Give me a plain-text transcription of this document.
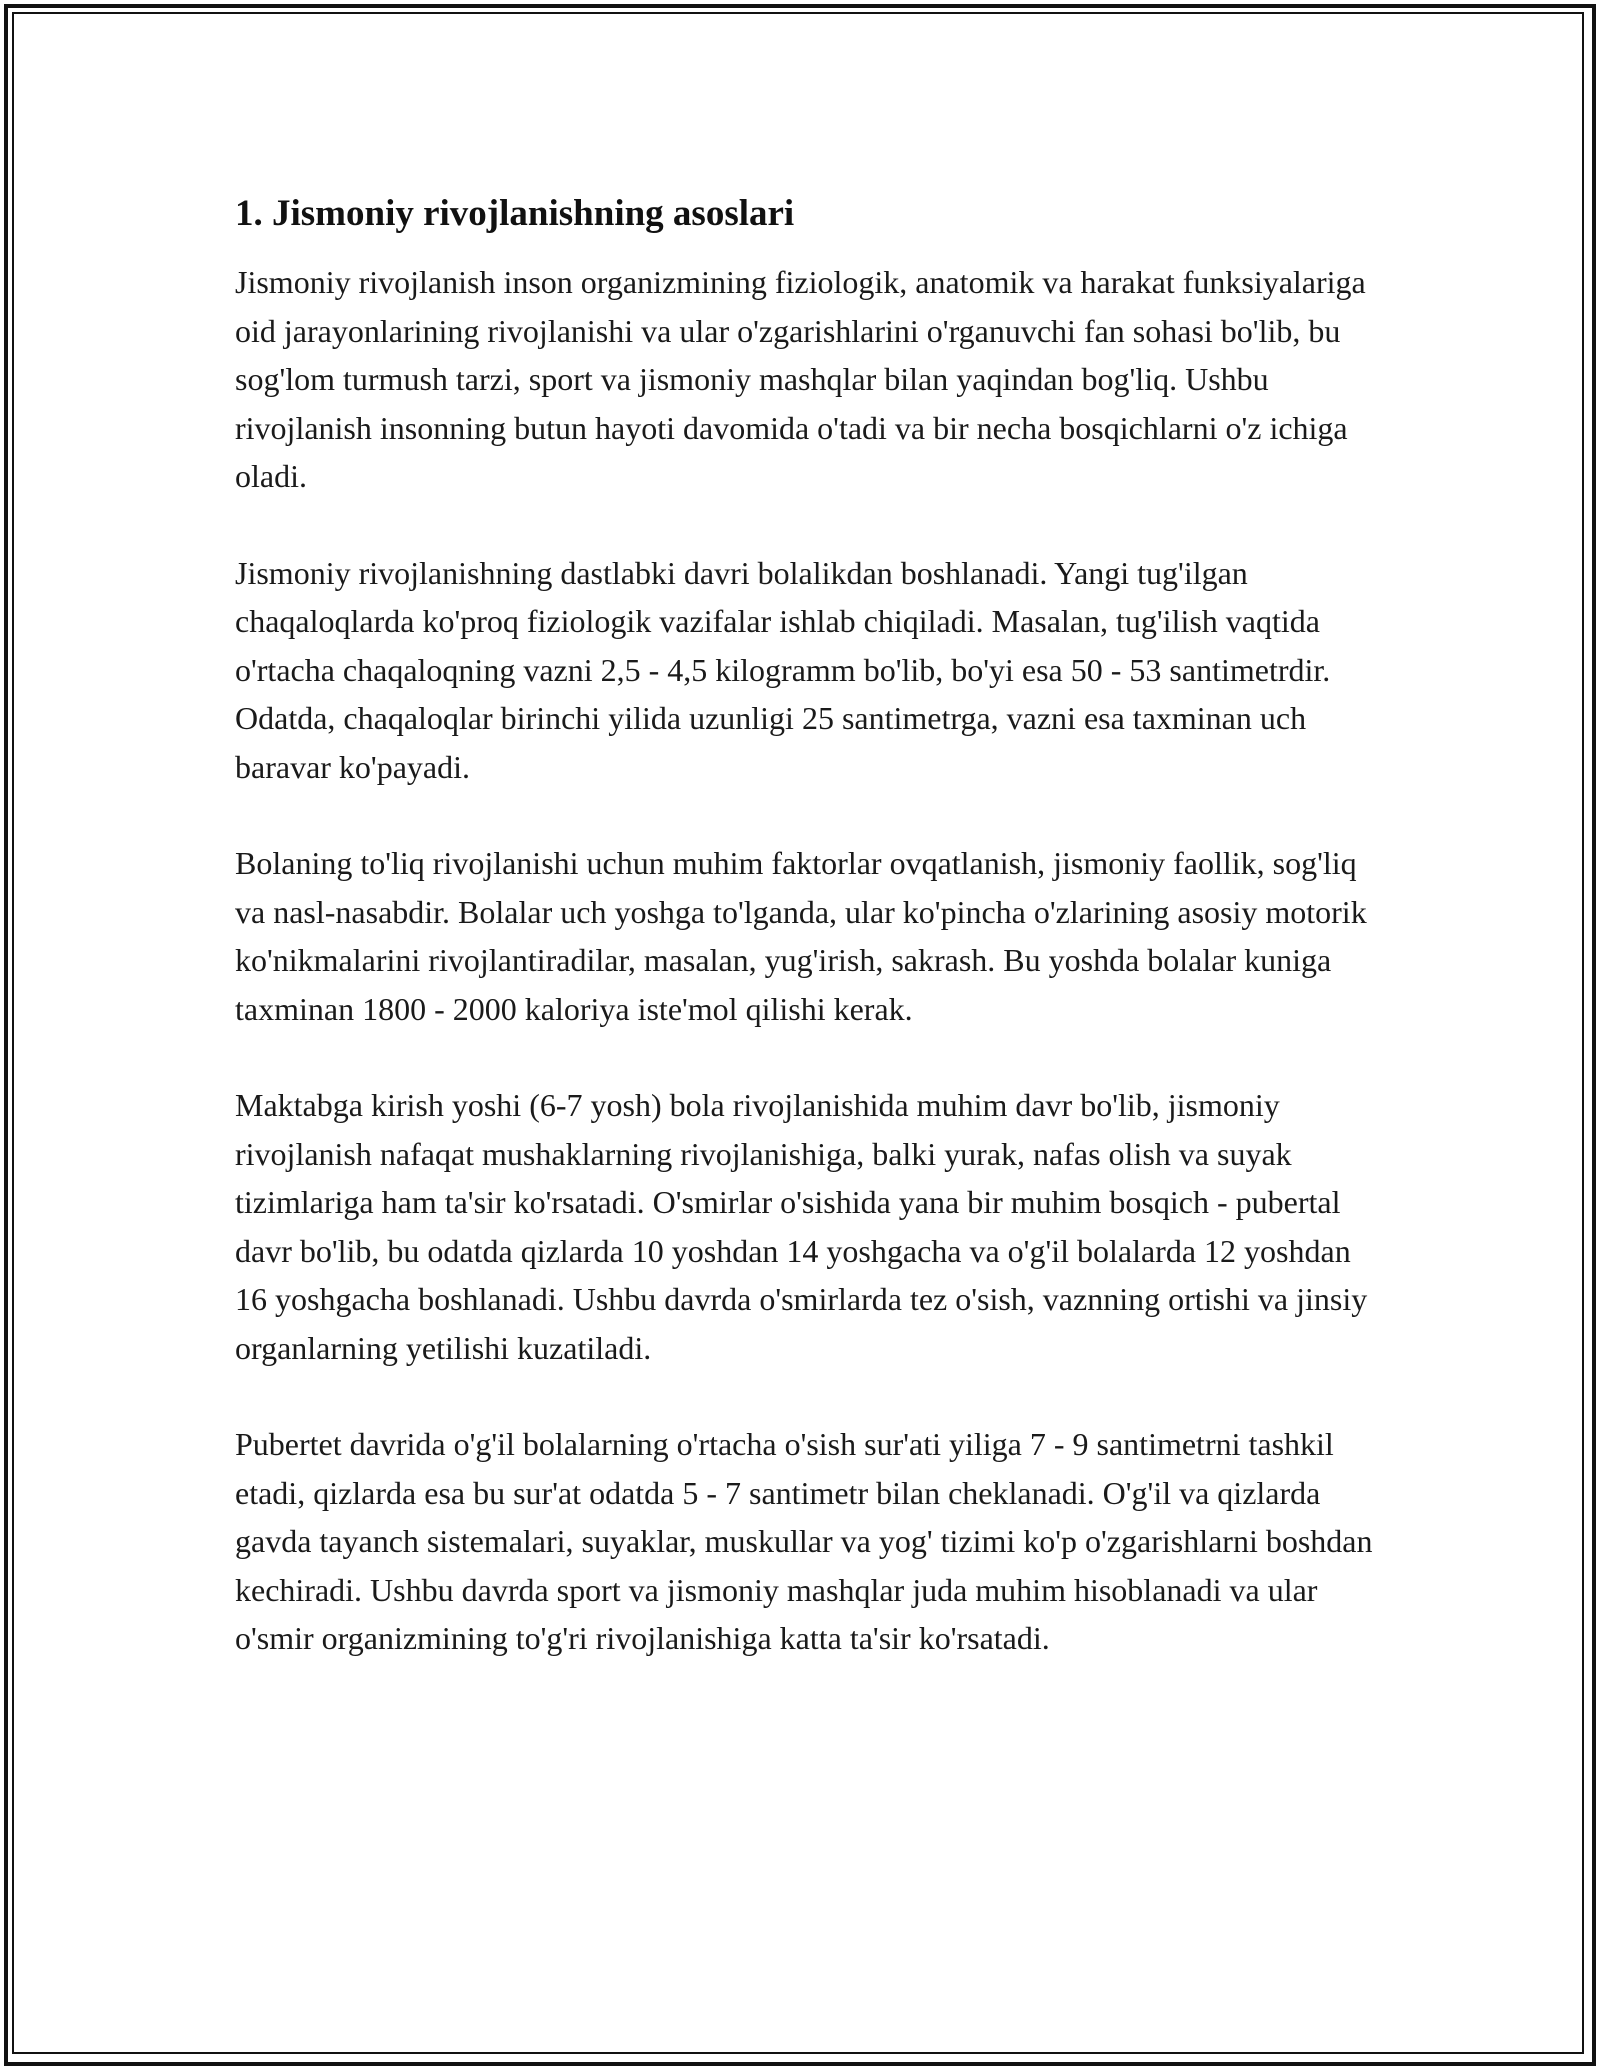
1. Jismoniy rivojlanishning asoslari

Jismoniy rivojlanish inson organizmining fiziologik, anatomik va harakat funksiyalariga oid jarayonlarining rivojlanishi va ular o'zgarishlarini o'rganuvchi fan sohasi bo'lib, bu sog'lom turmush tarzi, sport va jismoniy mashqlar bilan yaqindan bog'liq. Ushbu rivojlanish insonning butun hayoti davomida o'tadi va bir necha bosqichlarni o'z ichiga oladi.

Jismoniy rivojlanishning dastlabki davri bolalikdan boshlanadi. Yangi tug'ilgan chaqaloqlarda ko'proq fiziologik vazifalar ishlab chiqiladi. Masalan, tug'ilish vaqtida o'rtacha chaqaloqning vazni 2,5 - 4,5 kilogramm bo'lib, bo'yi esa 50 - 53 santimetrdir. Odatda, chaqaloqlar birinchi yilida uzunligi 25 santimetrga, vazni esa taxminan uch baravar ko'payadi.

Bolaning to'liq rivojlanishi uchun muhim faktorlar ovqatlanish, jismoniy faollik, sog'liq va nasl-nasabdir. Bolalar uch yoshga to'lganda, ular ko'pincha o'zlarining asosiy motorik ko'nikmalarini rivojlantiradilar, masalan, yug'irish, sakrash. Bu yoshda bolalar kuniga taxminan 1800 - 2000 kaloriya iste'mol qilishi kerak.

Maktabga kirish yoshi (6-7 yosh) bola rivojlanishida muhim davr bo'lib, jismoniy rivojlanish nafaqat mushaklarning rivojlanishiga, balki yurak, nafas olish va suyak tizimlariga ham ta'sir ko'rsatadi. O'smirlar o'sishida yana bir muhim bosqich - pubertal davr bo'lib, bu odatda qizlarda 10 yoshdan 14 yoshgacha va o'g'il bolalarda 12 yoshdan 16 yoshgacha boshlanadi. Ushbu davrda o'smirlarda tez o'sish, vaznning ortishi va jinsiy organlarning yetilishi kuzatiladi.

Pubertet davrida o'g'il bolalarning o'rtacha o'sish sur'ati yiliga 7 - 9 santimetrni tashkil etadi, qizlarda esa bu sur'at odatda 5 - 7 santimetr bilan cheklanadi. O'g'il va qizlarda gavda tayanch sistemalari, suyaklar, muskullar va yog' tizimi ko'p o'zgarishlarni boshdan kechiradi. Ushbu davrda sport va jismoniy mashqlar juda muhim hisoblanadi va ular o'smir organizmining to'g'ri rivojlanishiga katta ta'sir ko'rsatadi.
